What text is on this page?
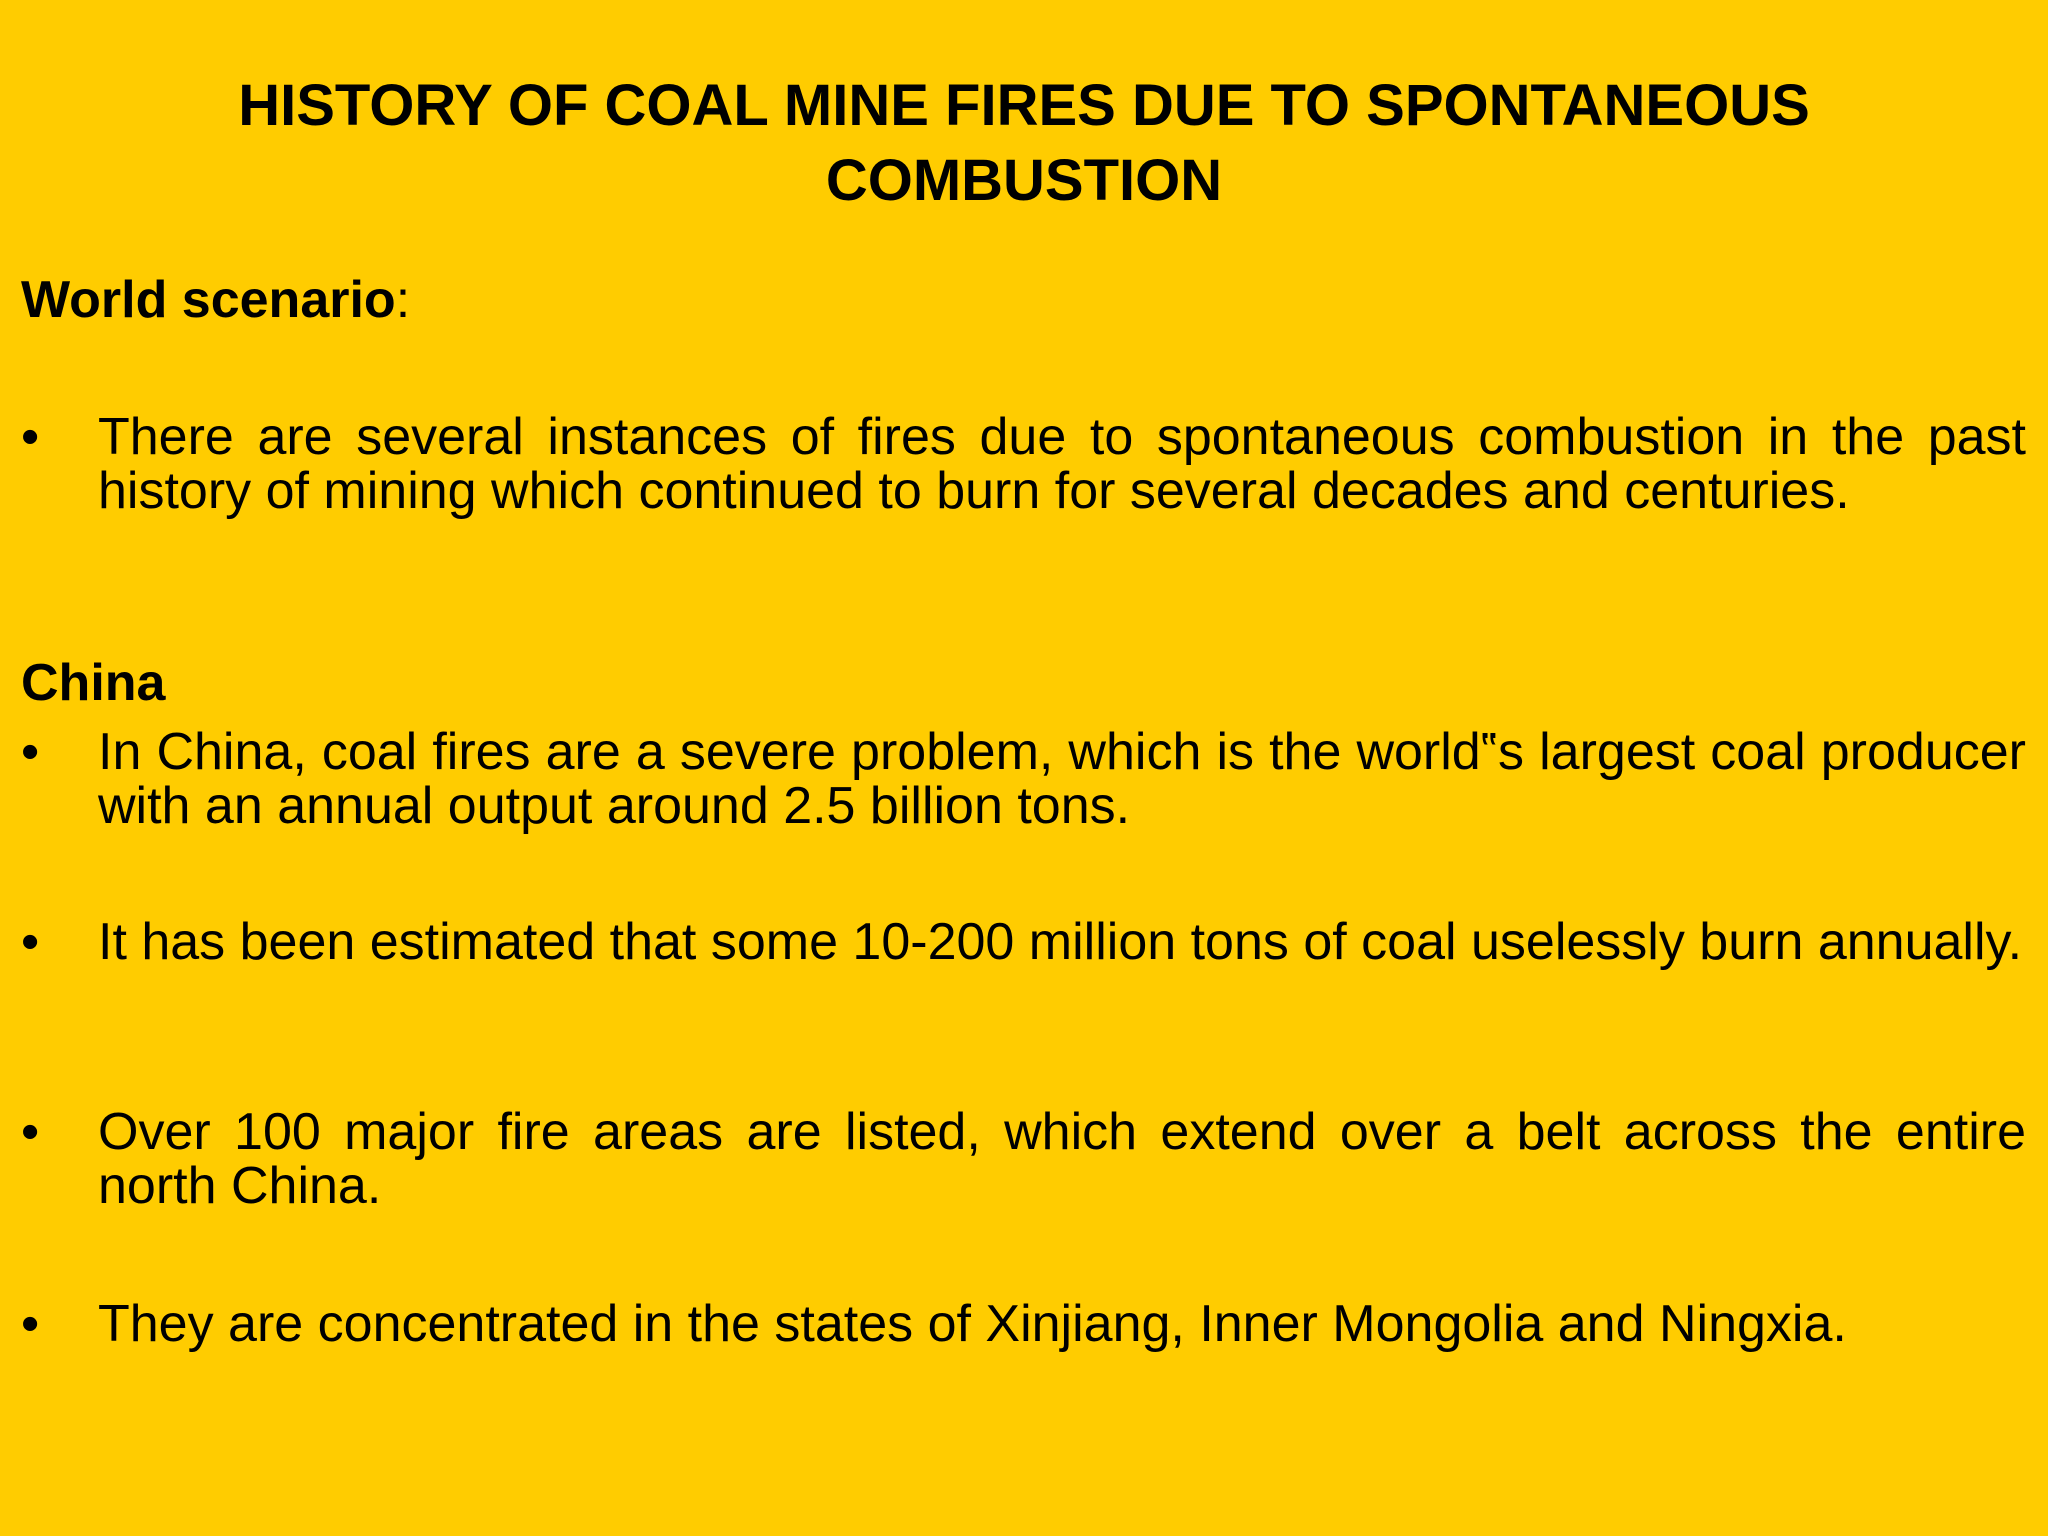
HISTORY OF COAL MINE FIRES DUE TO SPONTANEOUS COMBUSTION
World scenario:
•	There are several instances of fires due to spontaneous combustion in the past history of mining which continued to burn for several decades and centuries.
China
•	In China, coal fires are a severe problem, which is the world‟s largest coal producer with an annual output around 2.5 billion tons.
•	It has been estimated that some 10-200 million tons of coal uselessly burn annually.
•	Over 100 major fire areas are listed, which extend over a belt across the entire north China.
•	They are concentrated in the states of Xinjiang, Inner Mongolia and Ningxia.
